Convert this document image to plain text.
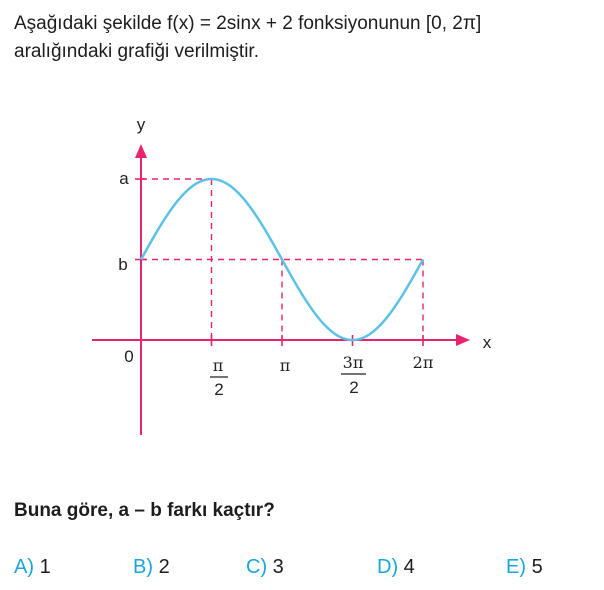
Aşağıdaki şekilde f(x) = 2sinx + 2 fonksiyonunun [0, 2π]
aralığındaki grafiği verilmiştir.
y
x
0
a
b
π
2
π	3π
2
2π
Buna göre, a – b farkı kaçtır?
A) 1	B) 2	C) 3	D) 4	E) 5
